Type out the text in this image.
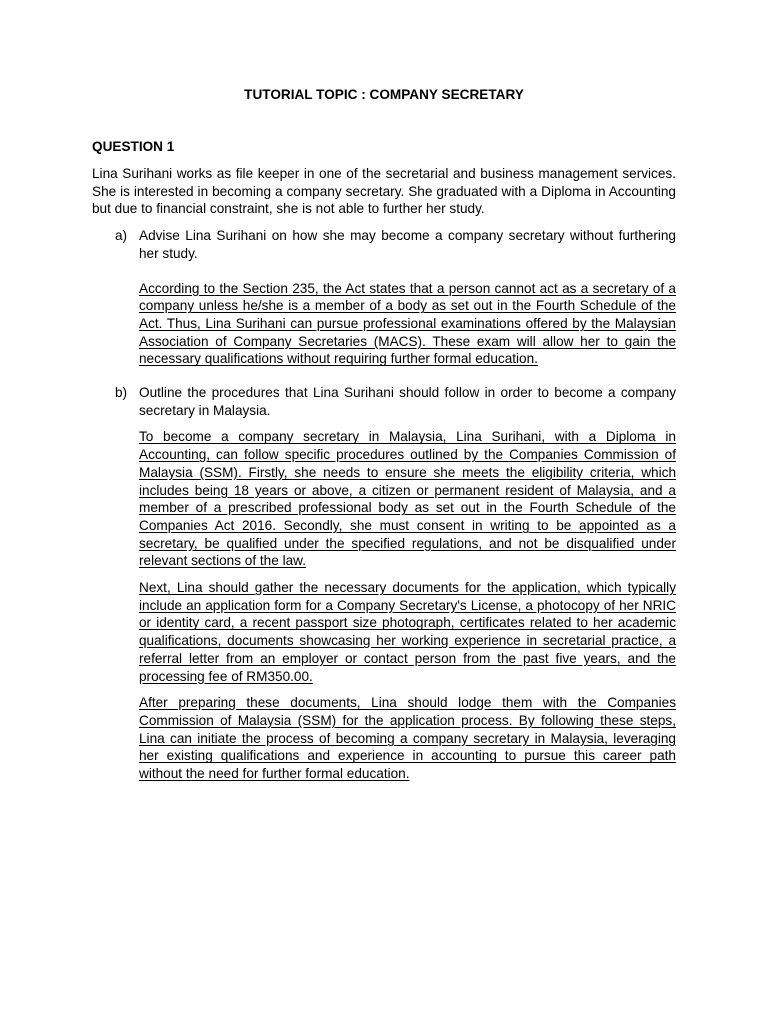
TUTORIAL TOPIC : COMPANY SECRETARY
QUESTION 1

Lina Surihani works as file keeper in one of the secretarial and business management services. She is interested in becoming a company secretary. She graduated with a Diploma in Accounting but due to financial constraint, she is not able to further her study.

a) Advise Lina Surihani on how she may become a company secretary without furthering her study.

According to the Section 235, the Act states that a person cannot act as a secretary of a company unless he/she is a member of a body as set out in the Fourth Schedule of the Act. Thus, Lina Surihani can pursue professional examinations offered by the Malaysian Association of Company Secretaries (MACS). These exam will allow her to gain the necessary qualifications without requiring further formal education.

b) Outline the procedures that Lina Surihani should follow in order to become a company secretary in Malaysia.

To become a company secretary in Malaysia, Lina Surihani, with a Diploma in Accounting, can follow specific procedures outlined by the Companies Commission of Malaysia (SSM). Firstly, she needs to ensure she meets the eligibility criteria, which includes being 18 years or above, a citizen or permanent resident of Malaysia, and a member of a prescribed professional body as set out in the Fourth Schedule of the Companies Act 2016. Secondly, she must consent in writing to be appointed as a secretary, be qualified under the specified regulations, and not be disqualified under relevant sections of the law.

Next, Lina should gather the necessary documents for the application, which typically include an application form for a Company Secretary's License, a photocopy of her NRIC or identity card, a recent passport size photograph, certificates related to her academic qualifications, documents showcasing her working experience in secretarial practice, a referral letter from an employer or contact person from the past five years, and the processing fee of RM350.00.

After preparing these documents, Lina should lodge them with the Companies Commission of Malaysia (SSM) for the application process. By following these steps, Lina can initiate the process of becoming a company secretary in Malaysia, leveraging her existing qualifications and experience in accounting to pursue this career path without the need for further formal education.
